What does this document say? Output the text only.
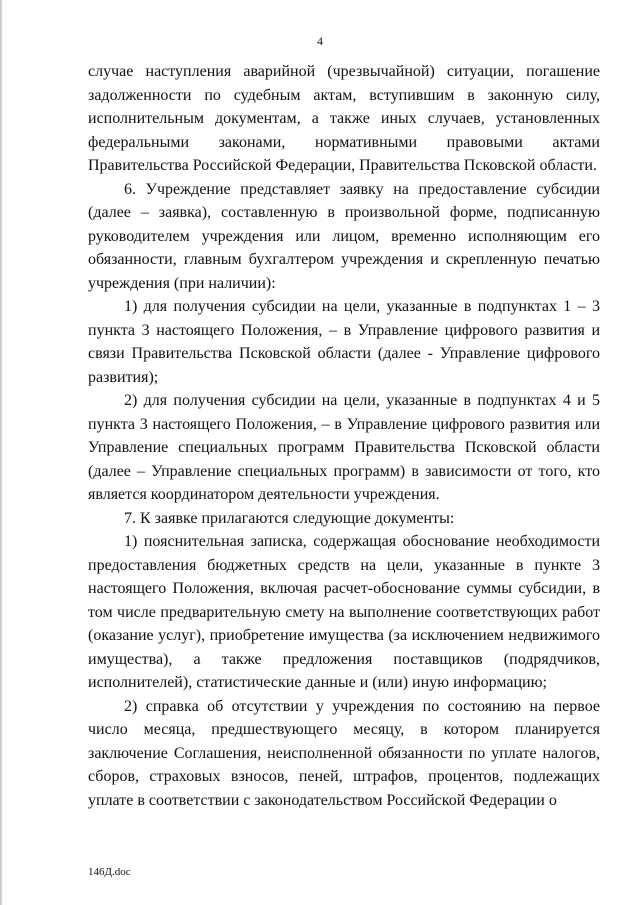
4

случае наступления аварийной (чрезвычайной) ситуации, погашение задолженности по судебным актам, вступившим в законную силу, исполнительным документам, а также иных случаев, установленных федеральными законами, нормативными правовыми актами Правительства Российской Федерации, Правительства Псковской области.

6. Учреждение представляет заявку на предоставление субсидии (далее – заявка), составленную в произвольной форме, подписанную руководителем учреждения или лицом, временно исполняющим его обязанности, главным бухгалтером учреждения и скрепленную печатью учреждения (при наличии):

1) для получения субсидии на цели, указанные в подпунктах 1 – 3 пункта 3 настоящего Положения, – в Управление цифрового развития и связи Правительства Псковской области (далее - Управление цифрового развития);

2) для получения субсидии на цели, указанные в подпунктах 4 и 5 пункта 3 настоящего Положения, – в Управление цифрового развития или Управление специальных программ Правительства Псковской области (далее – Управление специальных программ) в зависимости от того, кто является координатором деятельности учреждения.

7. К заявке прилагаются следующие документы:

1) пояснительная записка, содержащая обоснование необходимости предоставления бюджетных средств на цели, указанные в пункте 3 настоящего Положения, включая расчет-обоснование суммы субсидии, в том числе предварительную смету на выполнение соответствующих работ (оказание услуг), приобретение имущества (за исключением недвижимого имущества), а также предложения поставщиков (подрядчиков, исполнителей), статистические данные и (или) иную информацию;

2) справка об отсутствии у учреждения по состоянию на первое число месяца, предшествующего месяцу, в котором планируется заключение Соглашения, неисполненной обязанности по уплате налогов, сборов, страховых взносов, пеней, штрафов, процентов, подлежащих уплате в соответствии с законодательством Российской Федерации о

146Д.doc
